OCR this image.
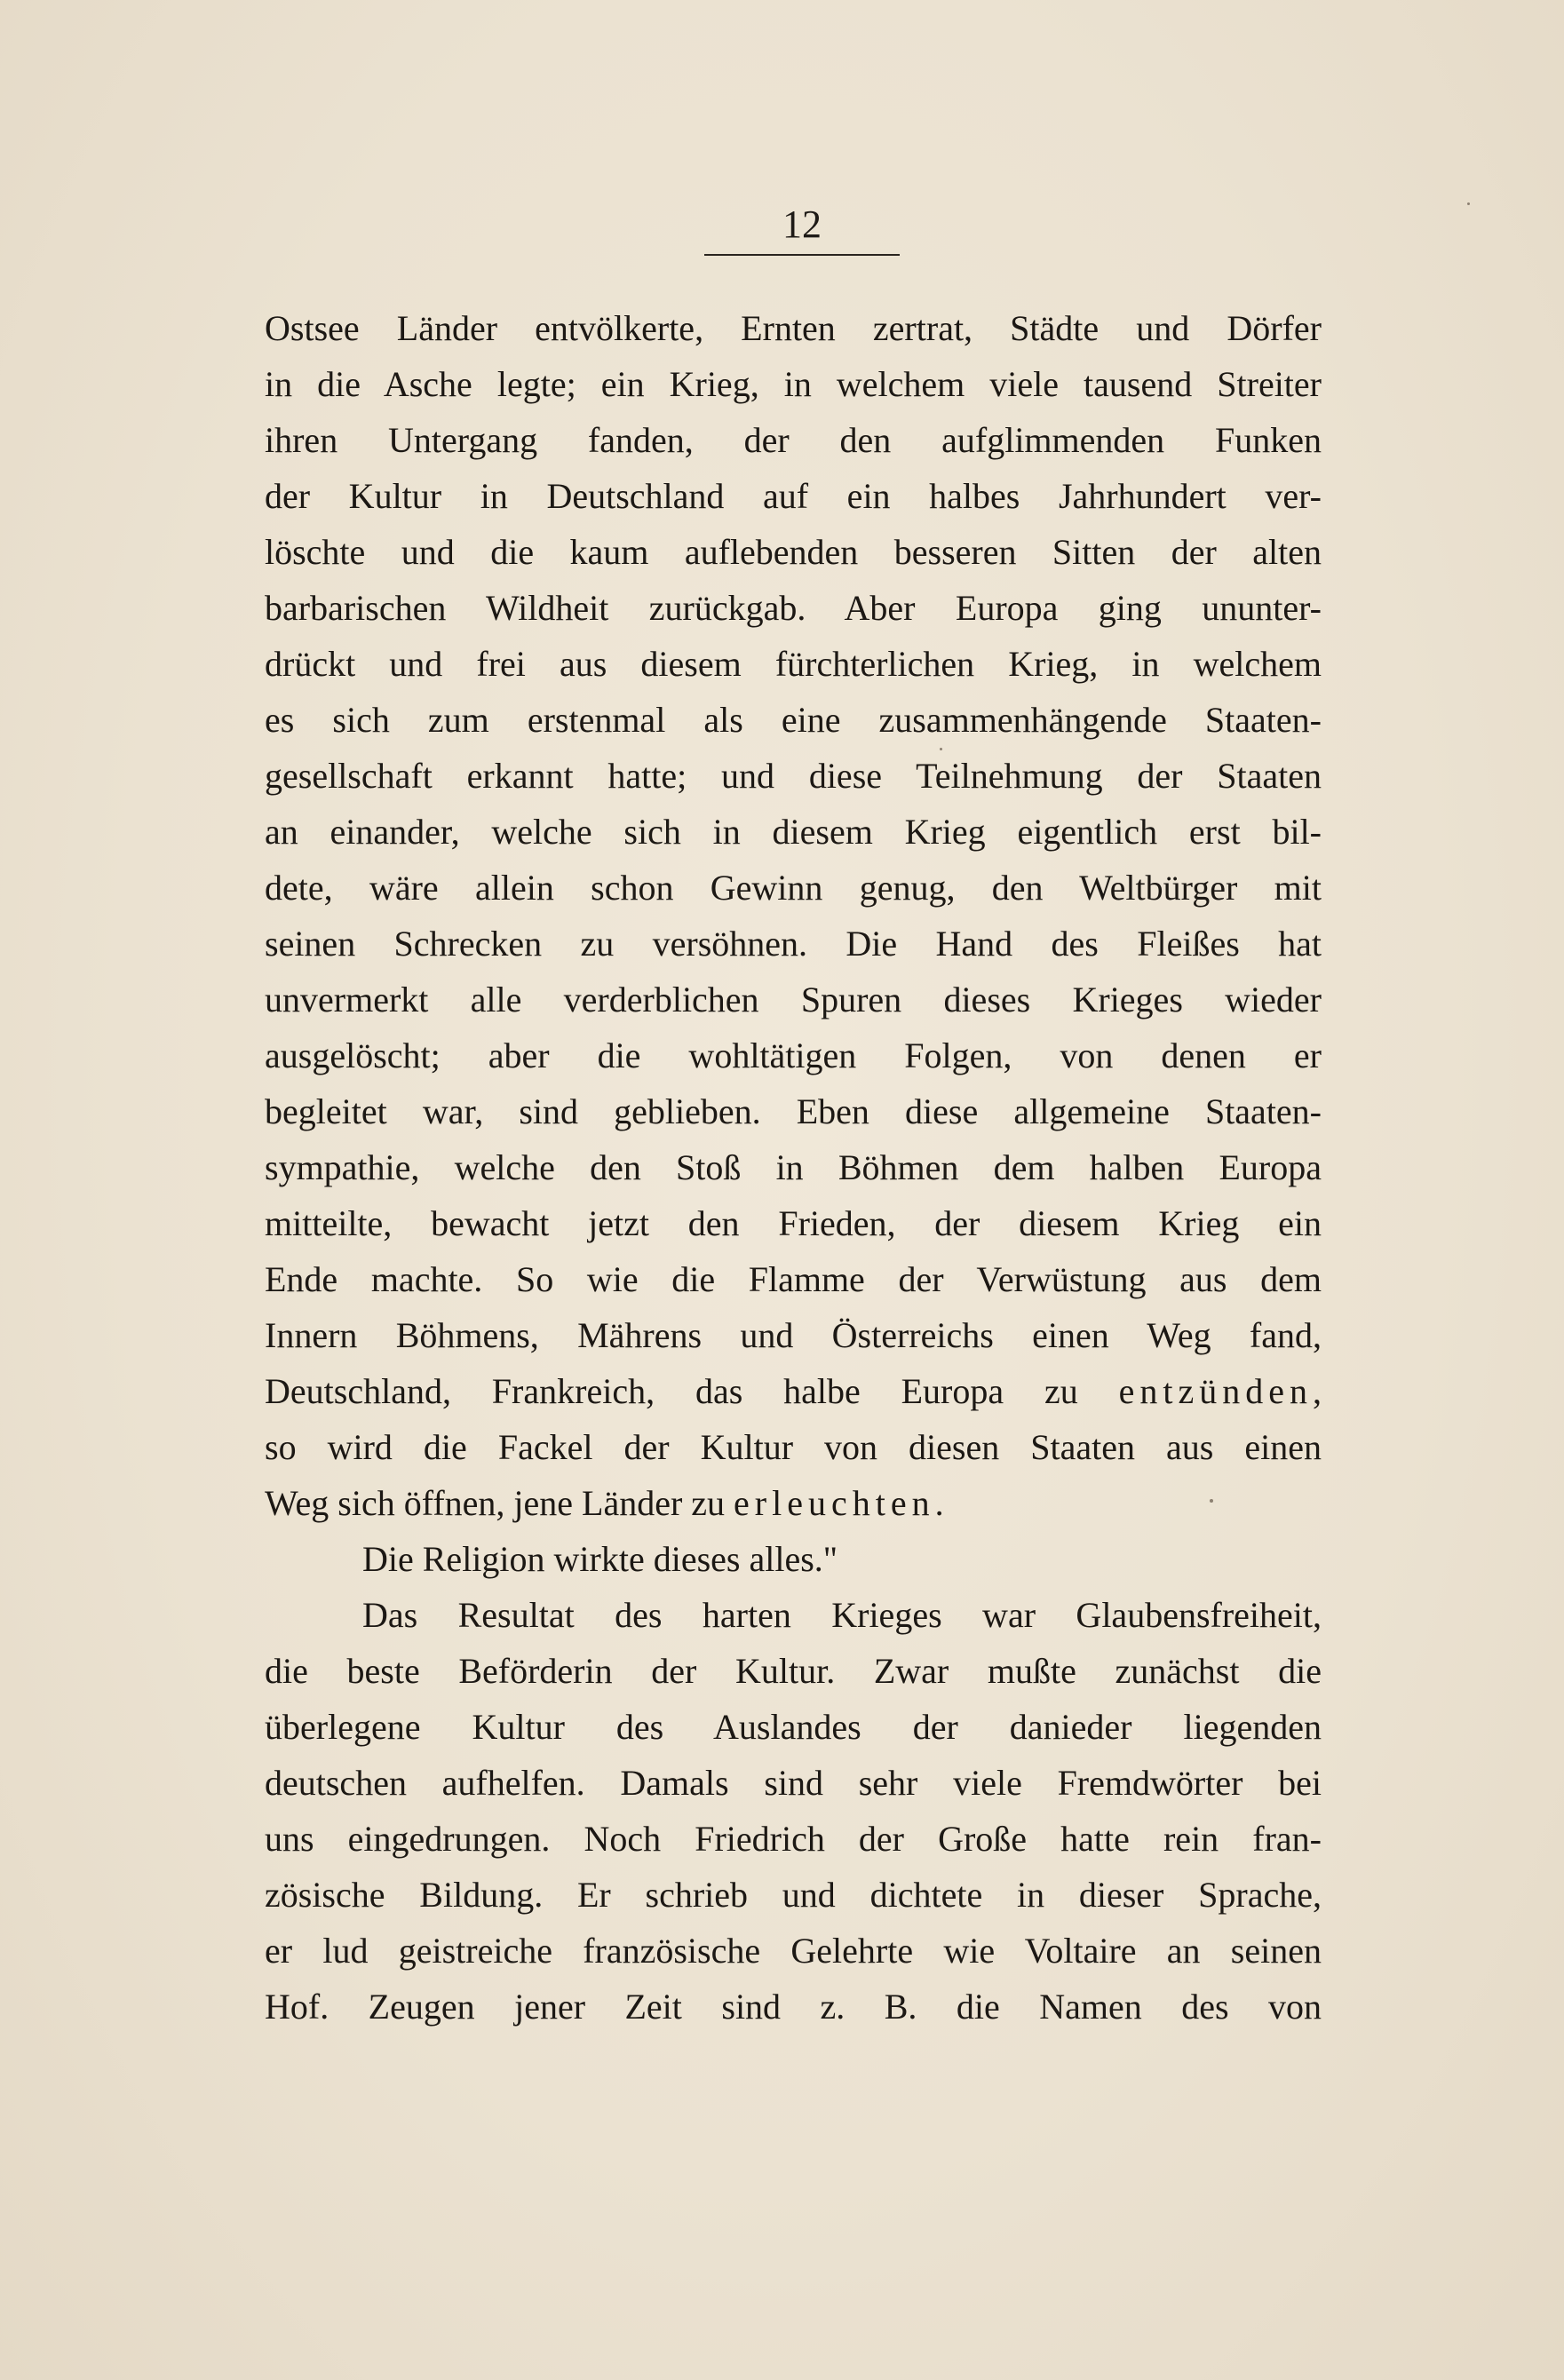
12
Ostsee Länder entvölkerte, Ernten zertrat, Städte und Dörfer
in die Asche legte; ein Krieg, in welchem viele tausend Streiter
ihren Untergang fanden, der den aufglimmenden Funken
der Kultur in Deutschland auf ein halbes Jahrhundert ver-
löschte und die kaum auflebenden besseren Sitten der alten
barbarischen Wildheit zurückgab. Aber Europa ging ununter-
drückt und frei aus diesem fürchterlichen Krieg, in welchem
es sich zum erstenmal als eine zusammenhängende Staaten-
gesellschaft erkannt hatte; und diese Teilnehmung der Staaten
an einander, welche sich in diesem Krieg eigentlich erst bil-
dete, wäre allein schon Gewinn genug, den Weltbürger mit
seinen Schrecken zu versöhnen. Die Hand des Fleißes hat
unvermerkt alle verderblichen Spuren dieses Krieges wieder
ausgelöscht; aber die wohltätigen Folgen, von denen er
begleitet war, sind geblieben. Eben diese allgemeine Staaten-
sympathie, welche den Stoß in Böhmen dem halben Europa
mitteilte, bewacht jetzt den Frieden, der diesem Krieg ein
Ende machte. So wie die Flamme der Verwüstung aus dem
Innern Böhmens, Mährens und Österreichs einen Weg fand,
Deutschland, Frankreich, das halbe Europa zu entzünden,
so wird die Fackel der Kultur von diesen Staaten aus einen
Weg sich öffnen, jene Länder zu erleuchten.
Die Religion wirkte dieses alles."
Das Resultat des harten Krieges war Glaubensfreiheit,
die beste Beförderin der Kultur. Zwar mußte zunächst die
überlegene Kultur des Auslandes der danieder liegenden
deutschen aufhelfen. Damals sind sehr viele Fremdwörter bei
uns eingedrungen. Noch Friedrich der Große hatte rein fran-
zösische Bildung. Er schrieb und dichtete in dieser Sprache,
er lud geistreiche französische Gelehrte wie Voltaire an seinen
Hof. Zeugen jener Zeit sind z. B. die Namen des von
